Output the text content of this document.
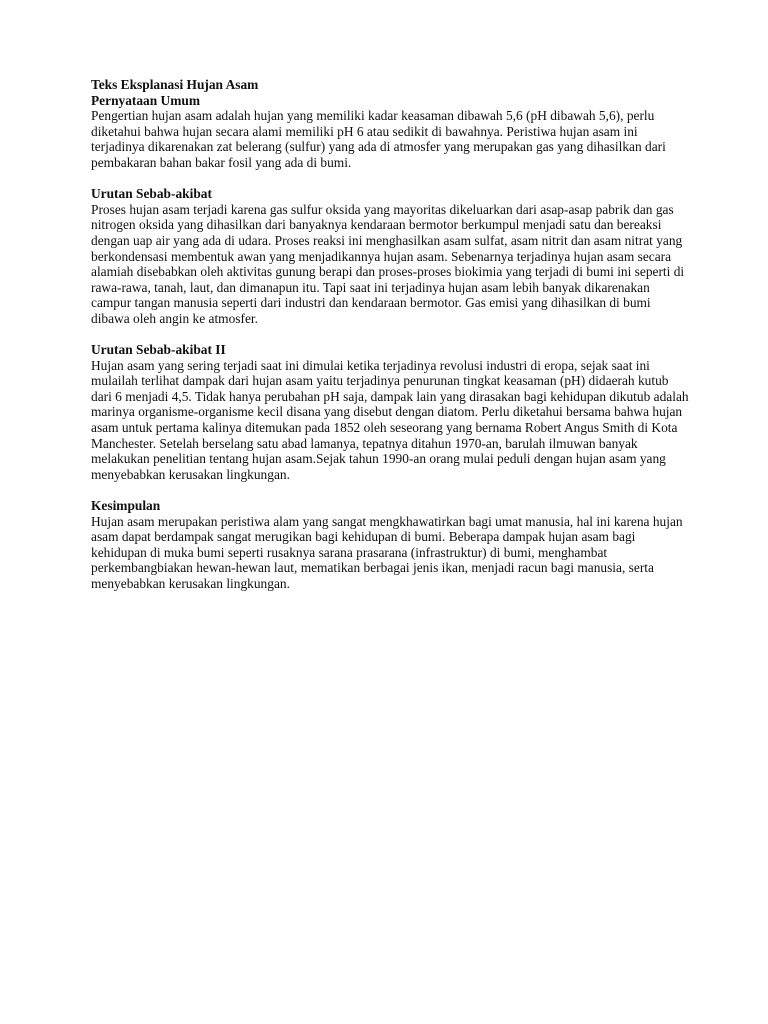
Teks Eksplanasi Hujan Asam

Pernyataan Umum

Pengertian hujan asam adalah hujan yang memiliki kadar keasaman dibawah 5,6 (pH dibawah 5,6), perlu diketahui bahwa hujan secara alami memiliki pH 6 atau sedikit di bawahnya. Peristiwa hujan asam ini terjadinya dikarenakan zat belerang (sulfur) yang ada di atmosfer yang merupakan gas yang dihasilkan dari pembakaran bahan bakar fosil yang ada di bumi.

Urutan Sebab-akibat

Proses hujan asam terjadi karena gas sulfur oksida yang mayoritas dikeluarkan dari asap-asap pabrik dan gas nitrogen oksida yang dihasilkan dari banyaknya kendaraan bermotor berkumpul menjadi satu dan bereaksi dengan uap air yang ada di udara. Proses reaksi ini menghasilkan asam sulfat, asam nitrit dan asam nitrat yang berkondensasi membentuk awan yang menjadikannya hujan asam. Sebenarnya terjadinya hujan asam secara alamiah disebabkan oleh aktivitas gunung berapi dan proses-proses biokimia yang terjadi di bumi ini seperti di rawa-rawa, tanah, laut, dan dimanapun itu. Tapi saat ini terjadinya hujan asam lebih banyak dikarenakan campur tangan manusia seperti dari industri dan kendaraan bermotor. Gas emisi yang dihasilkan di bumi dibawa oleh angin ke atmosfer.

Urutan Sebab-akibat II

Hujan asam yang sering terjadi saat ini dimulai ketika terjadinya revolusi industri di eropa, sejak saat ini mulailah terlihat dampak dari hujan asam yaitu terjadinya penurunan tingkat keasaman (pH) didaerah kutub dari 6 menjadi 4,5. Tidak hanya perubahan pH saja, dampak lain yang dirasakan bagi kehidupan dikutub adalah marinya organisme-organisme kecil disana yang disebut dengan diatom. Perlu diketahui bersama bahwa hujan asam untuk pertama kalinya ditemukan pada 1852 oleh seseorang yang bernama Robert Angus Smith di Kota Manchester. Setelah berselang satu abad lamanya, tepatnya ditahun 1970-an, barulah ilmuwan banyak melakukan penelitian tentang hujan asam.Sejak tahun 1990-an orang mulai peduli dengan hujan asam yang menyebabkan kerusakan lingkungan.

Kesimpulan

Hujan asam merupakan peristiwa alam yang sangat mengkhawatirkan bagi umat manusia, hal ini karena hujan asam dapat berdampak sangat merugikan bagi kehidupan di bumi. Beberapa dampak hujan asam bagi kehidupan di muka bumi seperti rusaknya sarana prasarana (infrastruktur) di bumi, menghambat perkembangbiakan hewan-hewan laut, mematikan berbagai jenis ikan, menjadi racun bagi manusia, serta menyebabkan kerusakan lingkungan.
